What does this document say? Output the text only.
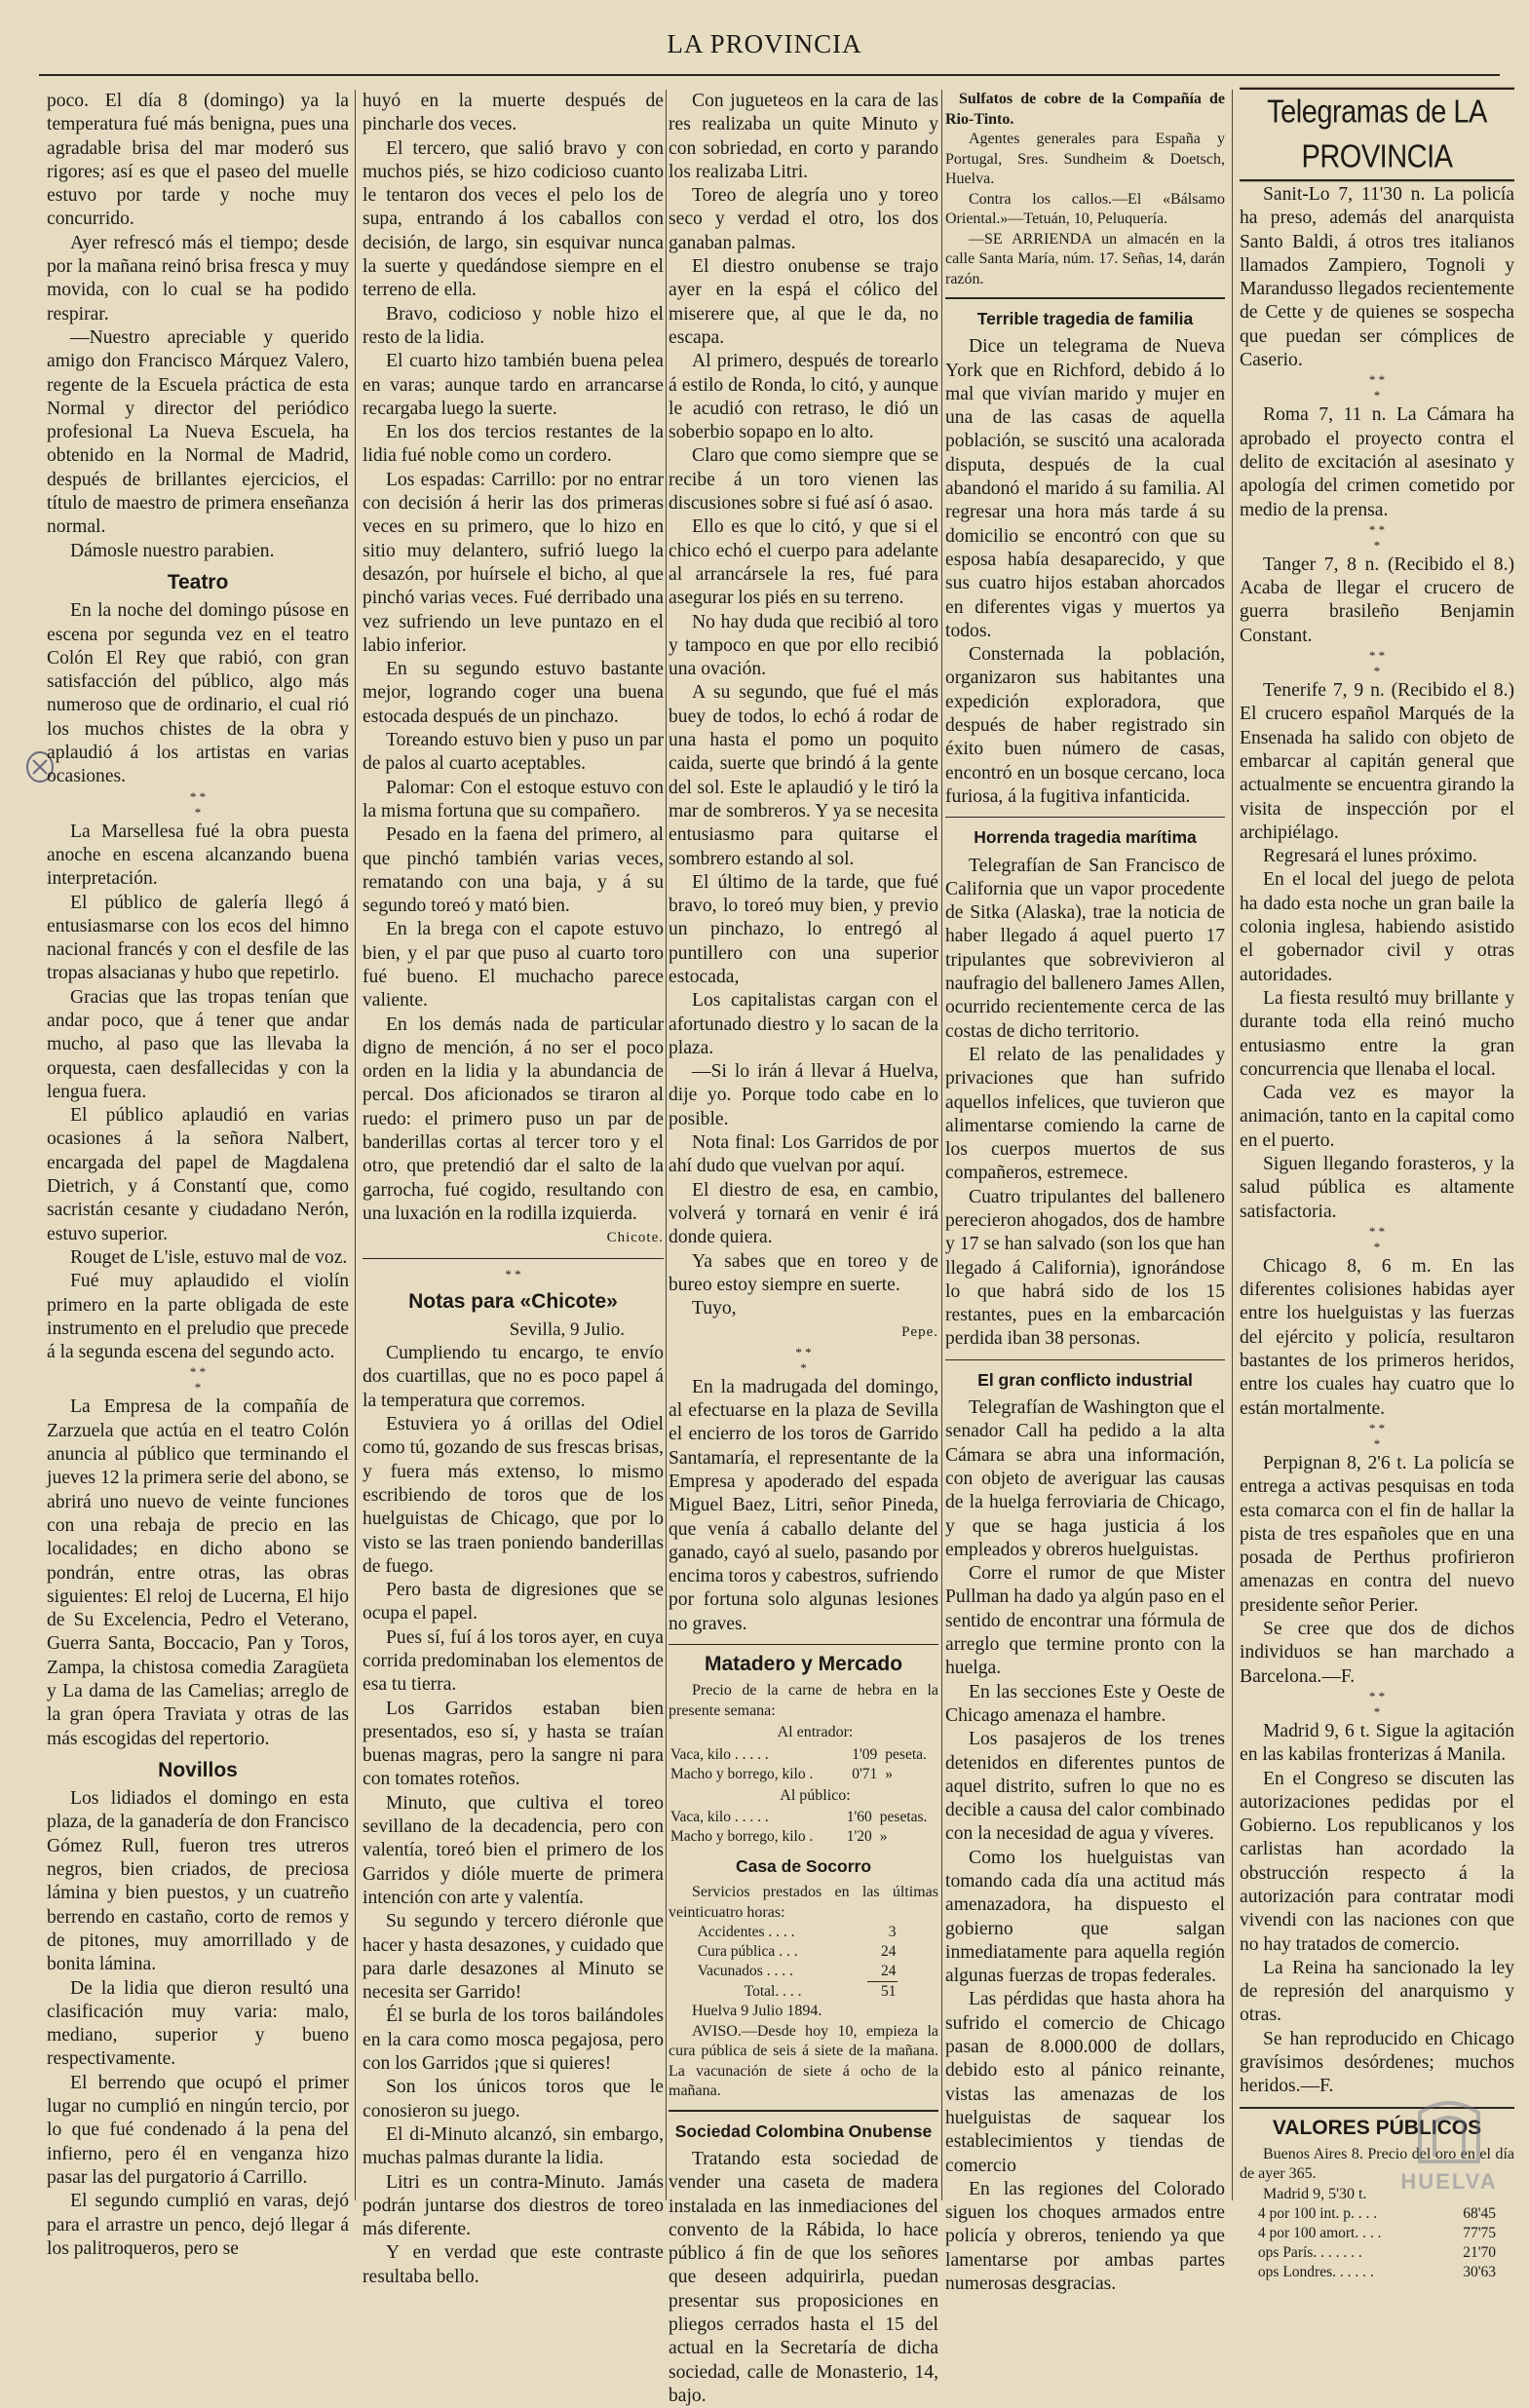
LA PROVINCIA

poco. El día 8 (domingo) ya la temperatura fué más benigna, pues una agradable brisa del mar moderó sus rigores; así es que el paseo del muelle estuvo por tarde y noche muy concurrido.

Ayer refrescó más el tiempo; desde por la mañana reinó brisa fresca y muy movida, con lo cual se ha podido respirar.

—Nuestro apreciable y querido amigo don Francisco Márquez Valero, regente de la Escuela práctica de esta Normal y director del periódico profesional La Nueva Escuela, ha obtenido en la Normal de Madrid, después de brillantes ejercicios, el título de maestro de primera enseñanza normal.

Dámosle nuestro parabien.

Teatro

En la noche del domingo púsose en escena por segunda vez en el teatro Colón El Rey que rabió, con gran satisfacción del público, algo más numeroso que de ordinario, el cual rió los muchos chistes de la obra y aplaudió á los artistas en varias ocasiones.

* *
*

La Marsellesa fué la obra puesta anoche en escena alcanzando buena interpretación.

El público de galería llegó á entusiasmarse con los ecos del himno nacional francés y con el desfile de las tropas alsacianas y hubo que repetirlo.

Gracias que las tropas tenían que andar poco, que á tener que andar mucho, al paso que las llevaba la orquesta, caen desfallecidas y con la lengua fuera.

El público aplaudió en varias ocasiones á la señora Nalbert, encargada del papel de Magdalena Dietrich, y á Constantí que, como sacristán cesante y ciudadano Nerón, estuvo superior.

Rouget de L'isle, estuvo mal de voz.

Fué muy aplaudido el violín primero en la parte obligada de este instrumento en el preludio que precede á la segunda escena del segundo acto.

* *
*

La Empresa de la compañía de Zarzuela que actúa en el teatro Colón anuncia al público que terminando el jueves 12 la primera serie del abono, se abrirá uno nuevo de veinte funciones con una rebaja de precio en las localidades; en dicho abono se pondrán, entre otras, las obras siguientes: El reloj de Lucerna, El hijo de Su Excelencia, Pedro el Veterano, Guerra Santa, Boccacio, Pan y Toros, Zampa, la chistosa comedia Zaragüeta y La dama de las Camelias; arreglo de la gran ópera Traviata y otras de las más escogidas del repertorio.

Novillos

Los lidiados el domingo en esta plaza, de la ganadería de don Francisco Gómez Rull, fueron tres utreros negros, bien criados, de preciosa lámina y bien puestos, y un cuatreño berrendo en castaño, corto de remos y de pitones, muy amorrillado y de bonita lámina.

De la lidia que dieron resultó una clasificación muy varia: malo, mediano, superior y bueno respectivamente.

El berrendo que ocupó el primer lugar no cumplió en ningún tercio, por lo que fué condenado á la pena del infierno, pero él en venganza hizo pasar las del purgatorio á Carrillo.

El segundo cumplió en varas, dejó para el arrastre un penco, dejó llegar á los palitroqueros, pero se

huyó en la muerte después de pincharle dos veces.

El tercero, que salió bravo y con muchos piés, se hizo codicioso cuanto le tentaron dos veces el pelo los de supa, entrando á los caballos con decisión, de largo, sin esquivar nunca la suerte y quedándose siempre en el terreno de ella.

Bravo, codicioso y noble hizo el resto de la lidia.

El cuarto hizo también buena pelea en varas; aunque tardo en arrancarse recargaba luego la suerte.

En los dos tercios restantes de la lidia fué noble como un cordero.

Los espadas: Carrillo: por no entrar con decisión á herir las dos primeras veces en su primero, que lo hizo en sitio muy delantero, sufrió luego la desazón, por huírsele el bicho, al que pinchó varias veces. Fué derribado una vez sufriendo un leve puntazo en el labio inferior.

En su segundo estuvo bastante mejor, logrando coger una buena estocada después de un pinchazo.

Toreando estuvo bien y puso un par de palos al cuarto aceptables.

Palomar: Con el estoque estuvo con la misma fortuna que su compañero.

Pesado en la faena del primero, al que pinchó también varias veces, rematando con una baja, y á su segundo toreó y mató bien.

En la brega con el capote estuvo bien, y el par que puso al cuarto toro fué bueno. El muchacho parece valiente.

En los demás nada de particular digno de mención, á no ser el poco orden en la lidia y la abundancia de percal. Dos aficionados se tiraron al ruedo: el primero puso un par de banderillas cortas al tercer toro y el otro, que pretendió dar el salto de la garrocha, fué cogido, resultando con una luxación en la rodilla izquierda.

Chicote.

* *
Notas para «Chicote»

Sevilla, 9 Julio.

Cumpliendo tu encargo, te envío dos cuartillas, que no es poco papel á la temperatura que corremos.

Estuviera yo á orillas del Odiel como tú, gozando de sus frescas brisas, y fuera más extenso, lo mismo escribiendo de toros que de los huelguistas de Chicago, que por lo visto se las traen poniendo banderillas de fuego.

Pero basta de digresiones que se ocupa el papel.

Pues sí, fuí á los toros ayer, en cuya corrida predominaban los elementos de esa tu tierra.

Los Garridos estaban bien presentados, eso sí, y hasta se traían buenas magras, pero la sangre ni para con tomates roteños.

Minuto, que cultiva el toreo sevillano de la decadencia, pero con valentía, toreó bien el primero de los Garridos y dióle muerte de primera intención con arte y valentía.

Su segundo y tercero diéronle que hacer y hasta desazones, y cuidado que para darle desazones al Minuto se necesita ser Garrido!

Él se burla de los toros bailándoles en la cara como mosca pegajosa, pero con los Garridos ¡que si quieres!

Son los únicos toros que le conosieron su juego.

El di-Minuto alcanzó, sin embargo, muchas palmas durante la lidia.

Litri es un contra-Minuto. Jamás podrán juntarse dos diestros de toreo más diferente.

Y en verdad que este contraste resultaba bello.

Con jugueteos en la cara de las res realizaba un quite Minuto y con sobriedad, en corto y parando los realizaba Litri.

Toreo de alegría uno y toreo seco y verdad el otro, los dos ganaban palmas.

El diestro onubense se trajo ayer en la espá el cólico del miserere que, al que le da, no escapa.

Al primero, después de torearlo á estilo de Ronda, lo citó, y aunque le acudió con retraso, le dió un soberbio sopapo en lo alto.

Claro que como siempre que se recibe á un toro vienen las discusiones sobre si fué así ó asao.

Ello es que lo citó, y que si el chico echó el cuerpo para adelante al arrancársele la res, fué para asegurar los piés en su terreno.

No hay duda que recibió al toro y tampoco en que por ello recibió una ovación.

A su segundo, que fué el más buey de todos, lo echó á rodar de una hasta el pomo un poquito caida, suerte que brindó á la gente del sol. Este le aplaudió y le tiró la mar de sombreros. Y ya se necesita entusiasmo para quitarse el sombrero estando al sol.

El último de la tarde, que fué bravo, lo toreó muy bien, y previo un pinchazo, lo entregó al puntillero con una superior estocada,

Los capitalistas cargan con el afortunado diestro y lo sacan de la plaza.

—Si lo irán á llevar á Huelva, dije yo. Porque todo cabe en lo posible.

Nota final: Los Garridos de por ahí dudo que vuelvan por aquí.

El diestro de esa, en cambio, volverá y tornará en venir é irá donde quiera.

Ya sabes que en toreo y de bureo estoy siempre en suerte.

Tuyo,

Pepe.

* *
*

En la madrugada del domingo, al efectuarse en la plaza de Sevilla el encierro de los toros de Garrido Santamaría, el representante de la Empresa y apoderado del espada Miguel Baez, Litri, señor Pineda, que venía á caballo delante del ganado, cayó al suelo, pasando por encima toros y cabestros, sufriendo por fortuna solo algunas lesiones no graves.

Matadero y Mercado

Precio de la carne de hebra en la presente semana:

Al entrador:

Vaca, kilo . . . . .	1'09	peseta.
Macho y borrego, kilo .	0'71	»

Al público:

Vaca, kilo . . . . .	1'60	pesetas.
Macho y borrego, kilo .	1'20	»
Casa de Socorro

Servicios prestados en las últimas veinticuatro horas:

Accidentes . . . .	3
Cura pública . . .	24
Vacunados . . . .	24
Total. . . .	51

Huelva 9 Julio 1894.

AVISO.—Desde hoy 10, empieza la cura pública de seis á siete de la mañana. La vacunación de siete á ocho de la mañana.

Sociedad Colombina Onubense

Tratando esta sociedad de vender una caseta de madera instalada en las inmediaciones del convento de la Rábida, lo hace público á fin de que los señores que deseen adquirirla, puedan presentar sus proposiciones en pliegos cerrados hasta el 15 del actual en la Secretaría de dicha sociedad, calle de Monasterio, 14, bajo.

Sulfatos de cobre de la Compañía de Rio-Tinto.

Agentes generales para España y Portugal, Sres. Sundheim & Doetsch, Huelva.

Contra los callos.—El «Bálsamo Oriental.»—Tetuán, 10, Peluquería.

—SE ARRIENDA un almacén en la calle Santa María, núm. 17. Señas, 14, darán razón.

Terrible tragedia de familia

Dice un telegrama de Nueva York que en Richford, debido á lo mal que vivían marido y mujer en una de las casas de aquella población, se suscitó una acalorada disputa, después de la cual abandonó el marido á su familia. Al regresar una hora más tarde á su domicilio se encontró con que su esposa había desaparecido, y que sus cuatro hijos estaban ahorcados en diferentes vigas y muertos ya todos.

Consternada la población, organizaron sus habitantes una expedición exploradora, que después de haber registrado sin éxito buen número de casas, encontró en un bosque cercano, loca furiosa, á la fugitiva infanticida.

Horrenda tragedia marítima

Telegrafían de San Francisco de California que un vapor procedente de Sitka (Alaska), trae la noticia de haber llegado á aquel puerto 17 tripulantes que sobrevivieron al naufragio del ballenero James Allen, ocurrido recientemente cerca de las costas de dicho territorio.

El relato de las penalidades y privaciones que han sufrido aquellos infelices, que tuvieron que alimentarse comiendo la carne de los cuerpos muertos de sus compañeros, estremece.

Cuatro tripulantes del ballenero perecieron ahogados, dos de hambre y 17 se han salvado (son los que han llegado á California), ignorándose lo que habrá sido de los 15 restantes, pues en la embarcación perdida iban 38 personas.

El gran conflicto industrial

Telegrafían de Washington que el senador Call ha pedido a la alta Cámara se abra una información, con objeto de averiguar las causas de la huelga ferroviaria de Chicago, y que se haga justicia á los empleados y obreros huelguistas.

Corre el rumor de que Mister Pullman ha dado ya algún paso en el sentido de encontrar una fórmula de arreglo que termine pronto con la huelga.

En las secciones Este y Oeste de Chicago amenaza el hambre.

Los pasajeros de los trenes detenidos en diferentes puntos de aquel distrito, sufren lo que no es decible a causa del calor combinado con la necesidad de agua y víveres.

Como los huelguistas van tomando cada día una actitud más amenazadora, ha dispuesto el gobierno que salgan inmediatamente para aquella región algunas fuerzas de tropas federales.

Las pérdidas que hasta ahora ha sufrido el comercio de Chicago pasan de 8.000.000 de dollars, debido esto al pánico reinante, vistas las amenazas de los huelguistas de saquear los establecimientos y tiendas de comercio

En las regiones del Colorado siguen los choques armados entre policía y obreros, teniendo ya que lamentarse por ambas partes numerosas desgracias.

Telegramas de LA PROVINCIA

Sanit-Lo 7, 11'30 n. La policía ha preso, además del anarquista Santo Baldi, á otros tres italianos llamados Zampiero, Tognoli y Marandusso llegados recientemente de Cette y de quienes se sospecha que puedan ser cómplices de Caserio.

* *
*

Roma 7, 11 n. La Cámara ha aprobado el proyecto contra el delito de excitación al asesinato y apología del crimen cometido por medio de la prensa.

* *
*

Tanger 7, 8 n. (Recibido el 8.) Acaba de llegar el crucero de guerra brasileño Benjamin Constant.

* *
*

Tenerife 7, 9 n. (Recibido el 8.) El crucero español Marqués de la Ensenada ha salido con objeto de embarcar al capitán general que actualmente se encuentra girando la visita de inspección por el archipiélago.

Regresará el lunes próximo.

En el local del juego de pelota ha dado esta noche un gran baile la colonia inglesa, habiendo asistido el gobernador civil y otras autoridades.

La fiesta resultó muy brillante y durante toda ella reinó mucho entusiasmo entre la gran concurrencia que llenaba el local.

Cada vez es mayor la animación, tanto en la capital como en el puerto.

Siguen llegando forasteros, y la salud pública es altamente satisfactoria.

* *
*

Chicago 8, 6 m. En las diferentes colisiones habidas ayer entre los huelguistas y las fuerzas del ejército y policía, resultaron bastantes de los primeros heridos, entre los cuales hay cuatro que lo están mortalmente.

* *
*

Perpignan 8, 2'6 t. La policía se entrega a activas pesquisas en toda esta comarca con el fin de hallar la pista de tres españoles que en una posada de Perthus profirieron amenazas en contra del nuevo presidente señor Perier.

Se cree que dos de dichos individuos se han marchado a Barcelona.—F.

* *
*

Madrid 9, 6 t. Sigue la agitación en las kabilas fronterizas á Manila.

En el Congreso se discuten las autorizaciones pedidas por el Gobierno. Los republicanos y los carlistas han acordado la obstrucción respecto á la autorización para contratar modi vivendi con las naciones con que no hay tratados de comercio.

La Reina ha sancionado la ley de represión del anarquismo y otras.

Se han reproducido en Chicago gravísimos desórdenes; muchos heridos.—F.

VALORES PÚBLICOS

Buenos Aires 8. Precio del oro en el día de ayer 365.

Madrid 9, 5'30 t.

4 por 100 int. p. . . .	68'45
4 por 100 amort. . . .	77'75
ops París. . . . . . .	21'70
ops Londres. . . . . .	30'63
HUELVA
